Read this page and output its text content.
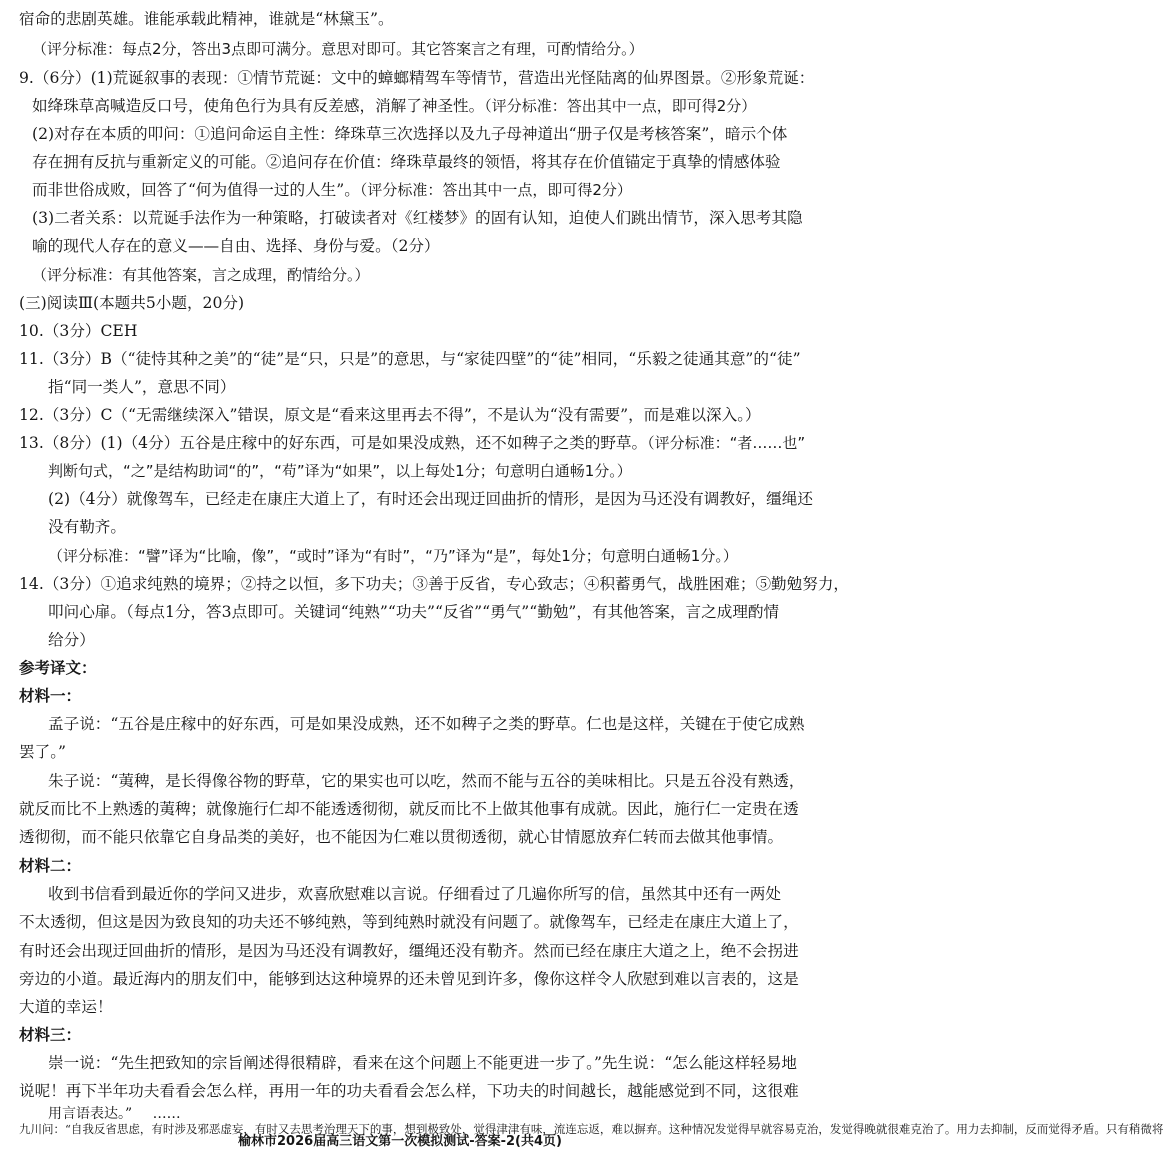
宿命的悲剧英雄。谁能承载此精神，谁就是“林黛玉”。
（评分标准：每点2分，答出3点即可满分。意思对即可。其它答案言之有理，可酌情给分。）
9.（6分）(1)荒诞叙事的表现：①情节荒诞：文中的蟑螂精驾车等情节，营造出光怪陆离的仙界图景。②形象荒诞：
如绛珠草高喊造反口号，使角色行为具有反差感，消解了神圣性。（评分标准：答出其中一点，即可得2分）
(2)对存在本质的叩问：①追问命运自主性：绛珠草三次选择以及九子母神道出“册子仅是考核答案”，暗示个体
存在拥有反抗与重新定义的可能。②追问存在价值：绛珠草最终的领悟，将其存在价值锚定于真挚的情感体验
而非世俗成败，回答了“何为值得一过的人生”。（评分标准：答出其中一点，即可得2分）
(3)二者关系：以荒诞手法作为一种策略，打破读者对《红楼梦》的固有认知，迫使人们跳出情节，深入思考其隐
喻的现代人存在的意义——自由、选择、身份与爱。（2分）
（评分标准：有其他答案，言之成理，酌情给分。）
(三)阅读Ⅲ(本题共5小题，20分)
10.（3分）CEH
11.（3分）B（“徒恃其种之美”的“徒”是“只，只是”的意思，与“家徒四壁”的“徒”相同，“乐毅之徒通其意”的“徒”
指“同一类人”，意思不同）
12.（3分）C（“无需继续深入”错误，原文是“看来这里再去不得”，不是认为“没有需要”，而是难以深入。）
13.（8分）(1)（4分）五谷是庄稼中的好东西，可是如果没成熟，还不如稗子之类的野草。（评分标准：“者……也”
判断句式，“之”是结构助词“的”，“苟”译为“如果”，以上每处1分；句意明白通畅1分。）
(2)（4分）就像驾车，已经走在康庄大道上了，有时还会出现迂回曲折的情形，是因为马还没有调教好，缰绳还
没有勒齐。
（评分标准：“譬”译为“比喻，像”，“或时”译为“有时”，“乃”译为“是”，每处1分；句意明白通畅1分。）
14.（3分）①追求纯熟的境界；②持之以恒，多下功夫；③善于反省，专心致志；④积蓄勇气，战胜困难；⑤勤勉努力，
叩问心扉。（每点1分，答3点即可。关键词“纯熟”“功夫”“反省”“勇气”“勤勉”，有其他答案，言之成理酌情
给分）
参考译文：
材料一：
孟子说：“五谷是庄稼中的好东西，可是如果没成熟，还不如稗子之类的野草。仁也是这样，关键在于使它成熟
罢了。”
朱子说：“荑稗，是长得像谷物的野草，它的果实也可以吃，然而不能与五谷的美味相比。只是五谷没有熟透，
就反而比不上熟透的荑稗；就像施行仁却不能透透彻彻，就反而比不上做其他事有成就。因此，施行仁一定贵在透
透彻彻，而不能只依靠它自身品类的美好，也不能因为仁难以贯彻透彻，就心甘情愿放弃仁转而去做其他事情。
材料二：
收到书信看到最近你的学问又进步，欢喜欣慰难以言说。仔细看过了几遍你所写的信，虽然其中还有一两处
不太透彻，但这是因为致良知的功夫还不够纯熟，等到纯熟时就没有问题了。就像驾车，已经走在康庄大道上了，
有时还会出现迂回曲折的情形，是因为马还没有调教好，缰绳还没有勒齐。然而已经在康庄大道之上，绝不会拐进
旁边的小道。最近海内的朋友们中，能够到达这种境界的还未曾见到许多，像你这样令人欣慰到难以言表的，这是
大道的幸运！
材料三：
崇一说：“先生把致知的宗旨阐述得很精辟，看来在这个问题上不能更进一步了。”先生说：“怎么能这样轻易地
说呢！再下半年功夫看看会怎么样，再用一年的功夫看看会怎么样，下功夫的时间越长，越能感觉到不同，这很难
用言语表达。” ……
九川问：“自我反省思虑，有时涉及邪恶虚妄，有时又去思考治理天下的事，想到极致处，觉得津津有味，流连忘返，难以摒弃。这种情况发觉得早就容易克治，发觉得晚就很难克治了。用力去抑制，反而觉得矛盾。只有稍微将
榆林市2026届高三语文第一次模拟测试-答案-2(共4页)
